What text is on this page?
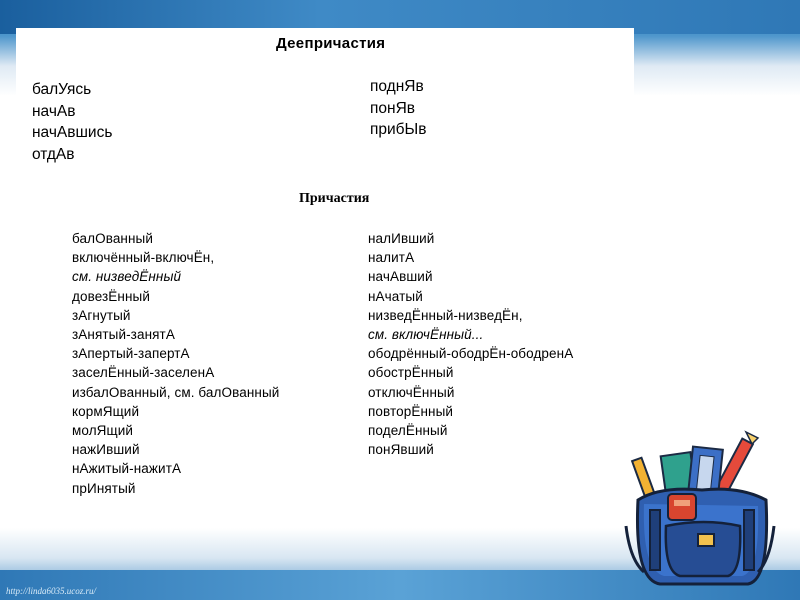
Деепричастия
балУясь
начАв
начАвшись
отдАв
поднЯв
понЯв
прибЫв
Причастия
балОванный
включённый-включЁн,
см. низведЁнный
довезЁнный
зАгнутый
зАнятый-занятА
зАпертый-запертА
заселЁнный-заселенА
избалОванный, см. балОванный
кормЯщий
молЯщий
нажИвший
нАжитый-нажитА
прИнятый
налИвший
налитА
начАвший
нАчатый
низведЁнный-низведЁн,
см. включЁнный...
ободрённый-ободрЁн-ободренА
обострЁнный
отключЁнный
повторЁнный
поделЁнный
понЯвший
http://linda6035.ucoz.ru/
